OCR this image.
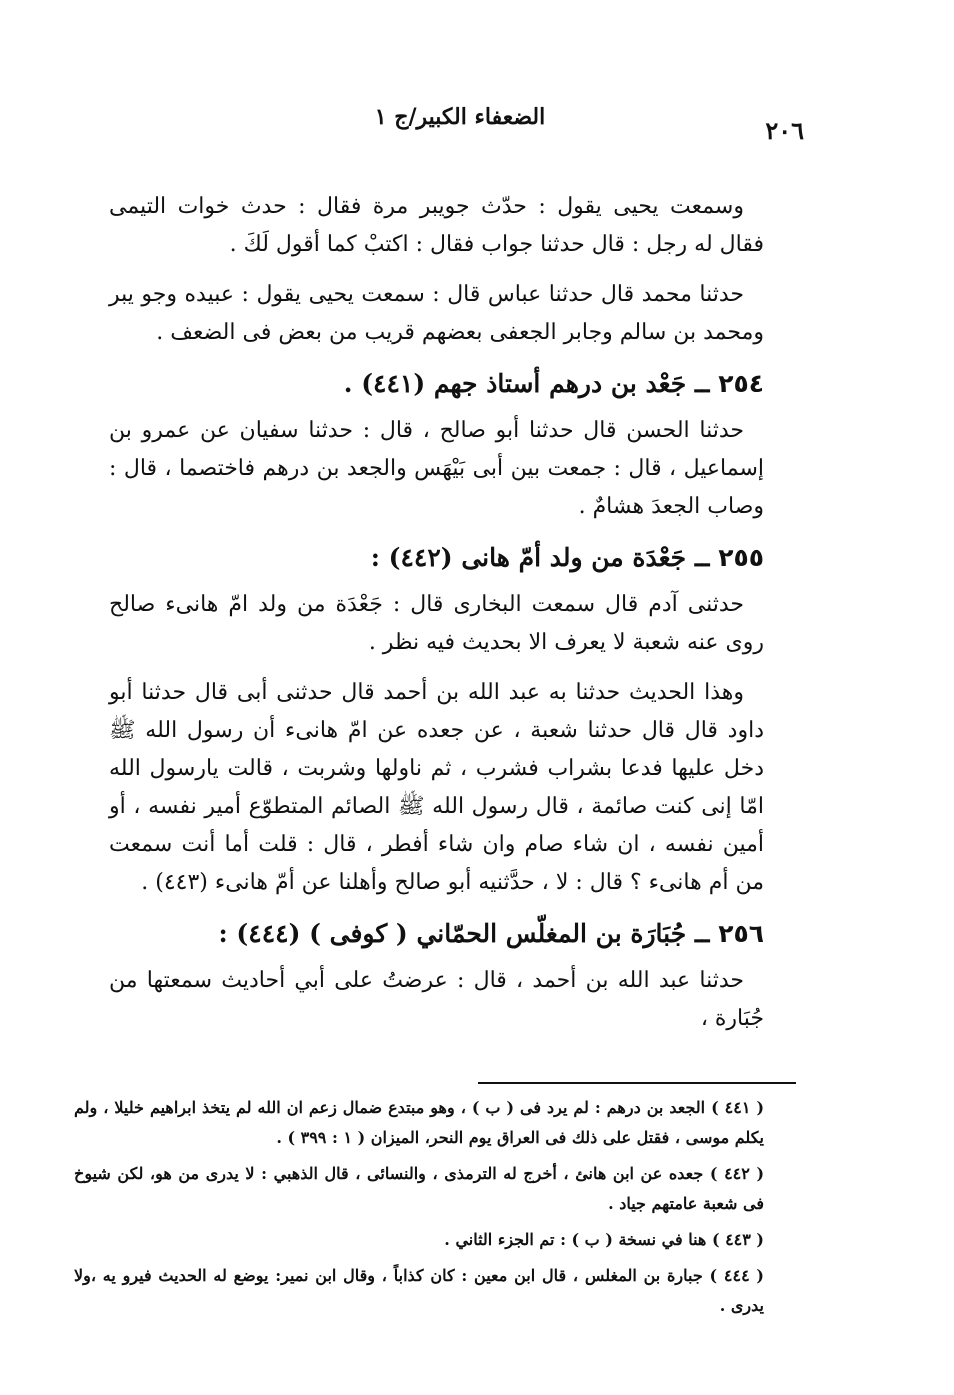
٢٠٦
الضعفاء الكبير/ج ١

وسمعت يحيى يقول : حدّث جويبر مرة فقال : حدث خوات التيمى فقال له رجل : قال حدثنا جواب فقال : اكتبْ كما أقول لَكَ .

حدثنا محمد قال حدثنا عباس قال : سمعت يحيى يقول : عبيده وجو يبر ومحمد بن سالم وجابر الجعفى بعضهم قريب من بعض فى الضعف .

٢٥٤ ــ جَعْد بن درهم أستاذ جهم (٤٤١) .

حدثنا الحسن قال حدثنا أبو صالح ، قال : حدثنا سفيان عن عمرو بن إسماعيل ، قال : جمعت بين أبى بَيْهَس والجعد بن درهم فاختصما ، قال : وصاب الجعدَ هشامٌ .

٢٥٥ ــ جَعْدَة من ولد أمّ هانى (٤٤٢) :

حدثنى آدم قال سمعت البخارى قال : جَعْدَة من ولد امّ هانىء صالح روى عنه شعبة لا يعرف الا بحديث فيه نظر .

وهذا الحديث حدثنا به عبد الله بن أحمد قال حدثنى أبى قال حدثنا أبو داود قال قال حدثنا شعبة ، عن جعده عن امّ هانىء أن رسول الله ﷺ دخل عليها فدعا بشراب فشرب ، ثم ناولها وشربت ، قالت يارسول الله امّا إنى كنت صائمة ، قال رسول الله ﷺ الصائم المتطوّع أمير نفسه ، أو أمين نفسه ، ان شاء صام وان شاء أفطر ، قال : قلت أما أنت سمعت من أم هانىء ؟ قال : لا ، حدَّثنيه أبو صالح وأهلنا عن أمّ هانىء (٤٤٣) .

٢٥٦ ــ جُبَارَة بن المغلّس الحمّاني ( كوفى ) (٤٤٤) :

حدثنا عبد الله بن أحمد ، قال : عرضتُ على أبي أحاديث سمعتها من جُبَارة ،

( ٤٤١ ) الجعد بن درهم : لم يرد فى ( ب ) ، وهو مبتدع ضمال زعم ان الله لم يتخذ ابراهيم خليلا ، ولم يكلم موسى ، فقتل على ذلك فى العراق يوم النحر، الميزان ( ١ : ٣٩٩ ) .

( ٤٤٢ ) جعده عن ابن هانئ ، أخرج له الترمذى ، والنسائى ، قال الذهبي : لا يدرى من هو، لكن شيوخ فى شعبة عامتهم جياد .

( ٤٤٣ ) هنا في نسخة ( ب ) : تم الجزء الثاني .

( ٤٤٤ ) جبارة بن المغلس ، قال ابن معين : كان كذاباً ، وقال ابن نمير: يوضع له الحديث فيرو يه ،ولا يدرى .
